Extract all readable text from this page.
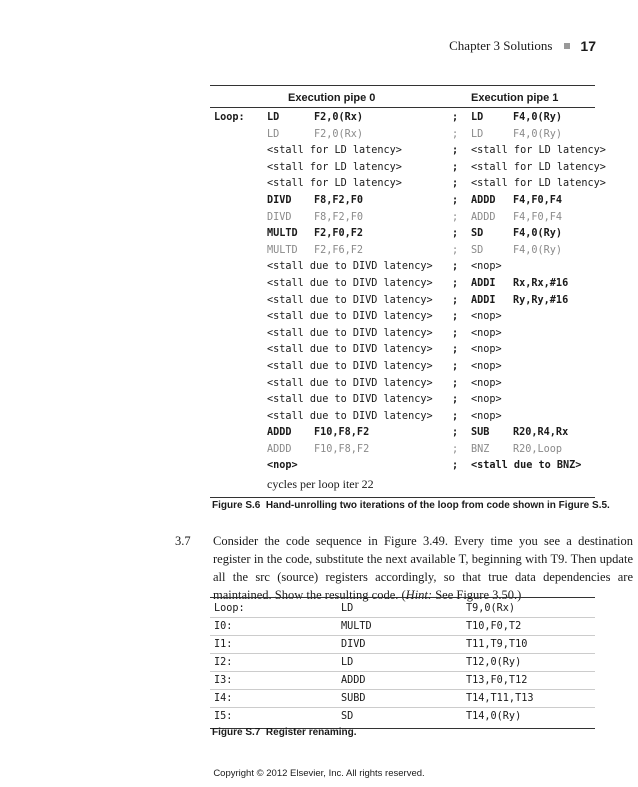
Chapter 3 Solutions 17
Execution pipe 0	Execution pipe 1
Loop: LD	F2,0(Rx)	; LD	F4,0(Ry)
LD	F2,0(Rx)	; LD	F4,0(Ry)
<stall for LD latency>	; <stall for LD latency>
<stall for LD latency>	; <stall for LD latency>
<stall for LD latency>	; <stall for LD latency>
DIVD F8,F2,F0	; ADDD F4,F0,F4
DIVD F8,F2,F0	; ADDD F4,F0,F4
MULTD F2,F0,F2	; SD	F4,0(Ry)
MULTD F2,F6,F2	; SD	F4,0(Ry)
<stall due to DIVD latency> ; <nop>
<stall due to DIVD latency> ; ADDI Rx,Rx,#16
<stall due to DIVD latency> ; ADDI Ry,Ry,#16
<stall due to DIVD latency> ; <nop>
<stall due to DIVD latency> ; <nop>
<stall due to DIVD latency> ; <nop>
<stall due to DIVD latency> ; <nop>
<stall due to DIVD latency> ; <nop>
<stall due to DIVD latency> ; <nop>
<stall due to DIVD latency> ; <nop>
ADDD F10,F8,F2	; SUB R20,R4,Rx
ADDD F10,F8,F2	; BNZ R20,Loop
<nop>	; <stall due to BNZ>
cycles per loop iter 22
Figure S.6 Hand-unrolling two iterations of the loop from code shown in Figure S.5.
3.7 Consider the code sequence in Figure 3.49. Every time you see a destination register in the code, substitute the next available T, beginning with T9. Then update all the src (source) registers accordingly, so that true data dependencies are maintained. Show the resulting code. (Hint: See Figure 3.50.)
Loop:	LD	T9,0(Rx)
I0:	MULTD	T10,F0,T2
I1:	DIVD	T11,T9,T10
I2:	LD	T12,0(Ry)
I3:	ADDD	T13,F0,T12
I4:	SUBD	T14,T11,T13
I5:	SD	T14,0(Ry)
Figure S.7 Register renaming.
Copyright © 2012 Elsevier, Inc. All rights reserved.
